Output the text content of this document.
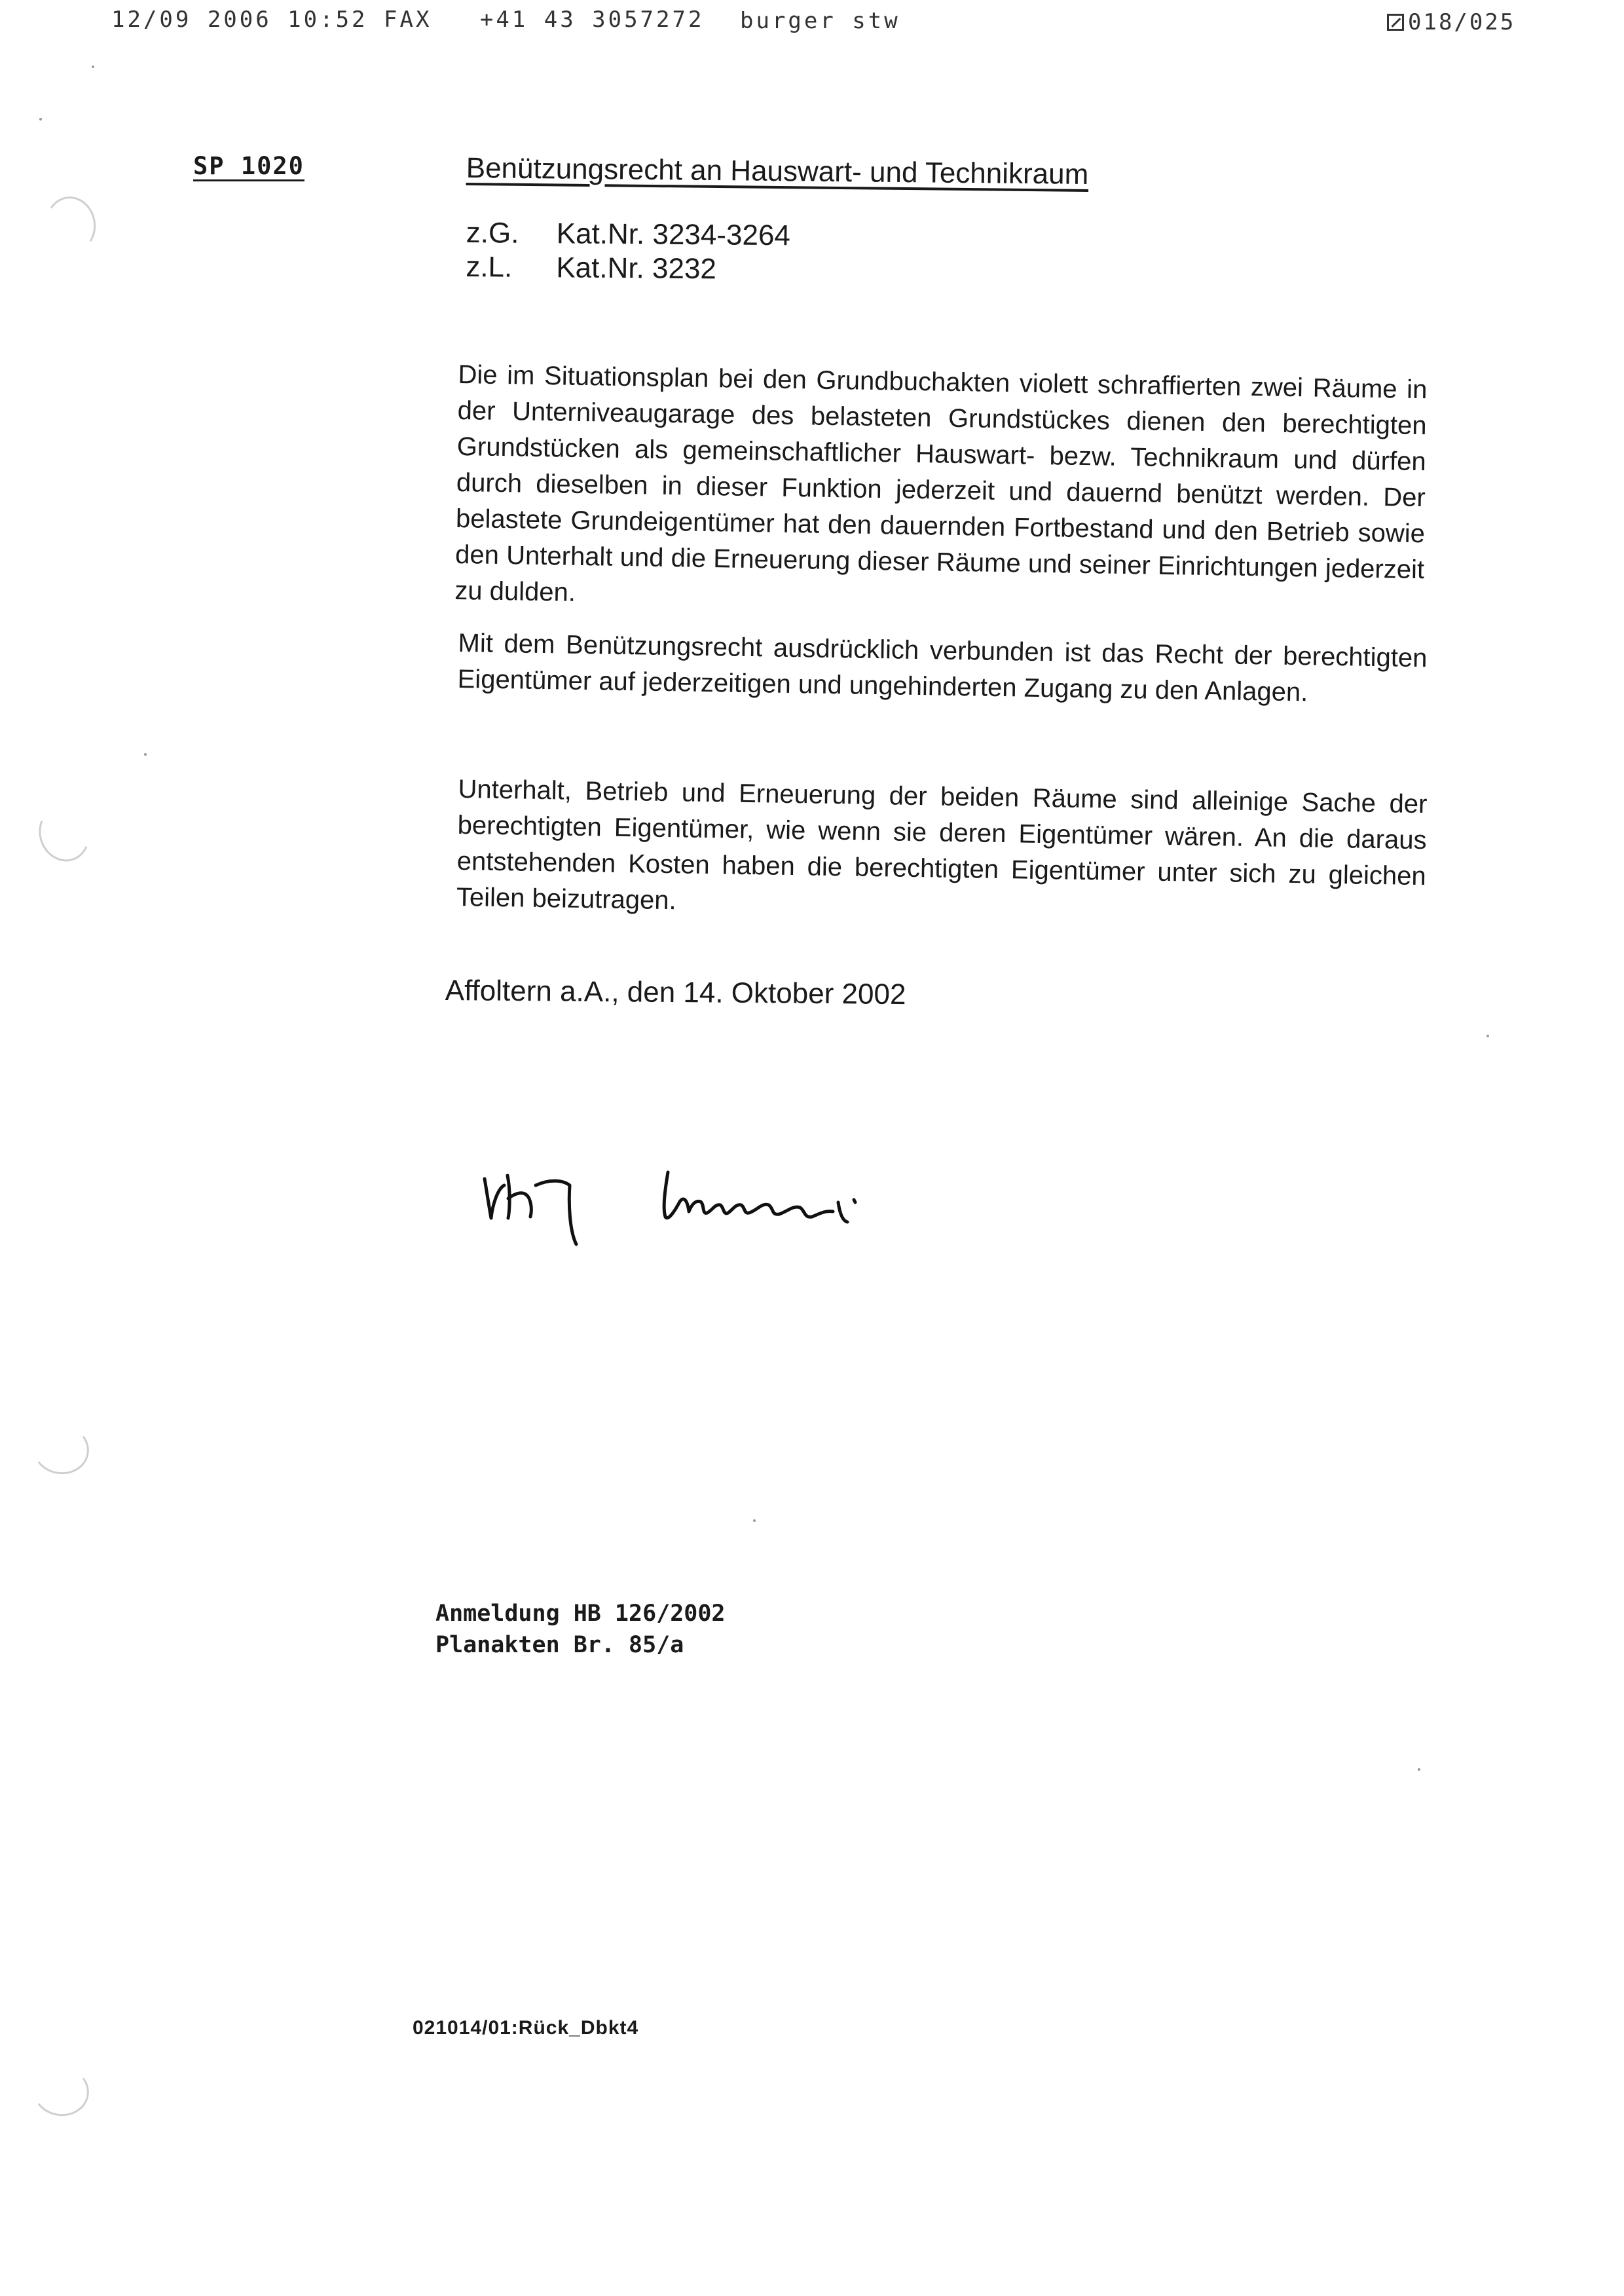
12/09 2006 10:52 FAX +41 43 3057272 burger stw	018/025
SP 1020	Benützungsrecht an Hauswart- und Technikraum
z.G.	Kat.Nr. 3234-3264
z.L.	Kat.Nr. 3232
Die im Situationsplan bei den Grundbuchakten violett schraffierten zwei Räume in der Unterniveaugarage des belasteten Grundstückes dienen den berechtigten Grundstücken als gemeinschaftlicher Hauswart- bezw. Technikraum und dürfen durch dieselben in dieser Funktion jederzeit und dauernd benützt werden. Der belastete Grundeigentümer hat den dauernden Fortbestand und den Betrieb sowie den Unterhalt und die Erneuerung dieser Räume und seiner Einrichtungen jederzeit zu dulden.
Mit dem Benützungsrecht ausdrücklich verbunden ist das Recht der berechtigten Eigentümer auf jederzeitigen und ungehinderten Zugang zu den Anlagen.
Unterhalt, Betrieb und Erneuerung der beiden Räume sind alleinige Sache der berechtigten Eigentümer, wie wenn sie deren Eigentümer wären. An die daraus entstehenden Kosten haben die berechtigten Eigentümer unter sich zu gleichen Teilen beizutragen.
Affoltern a.A., den 14. Oktober 2002
Anmeldung HB 126/2002
Planakten Br. 85/a
021014/01:Rück_Dbkt4
